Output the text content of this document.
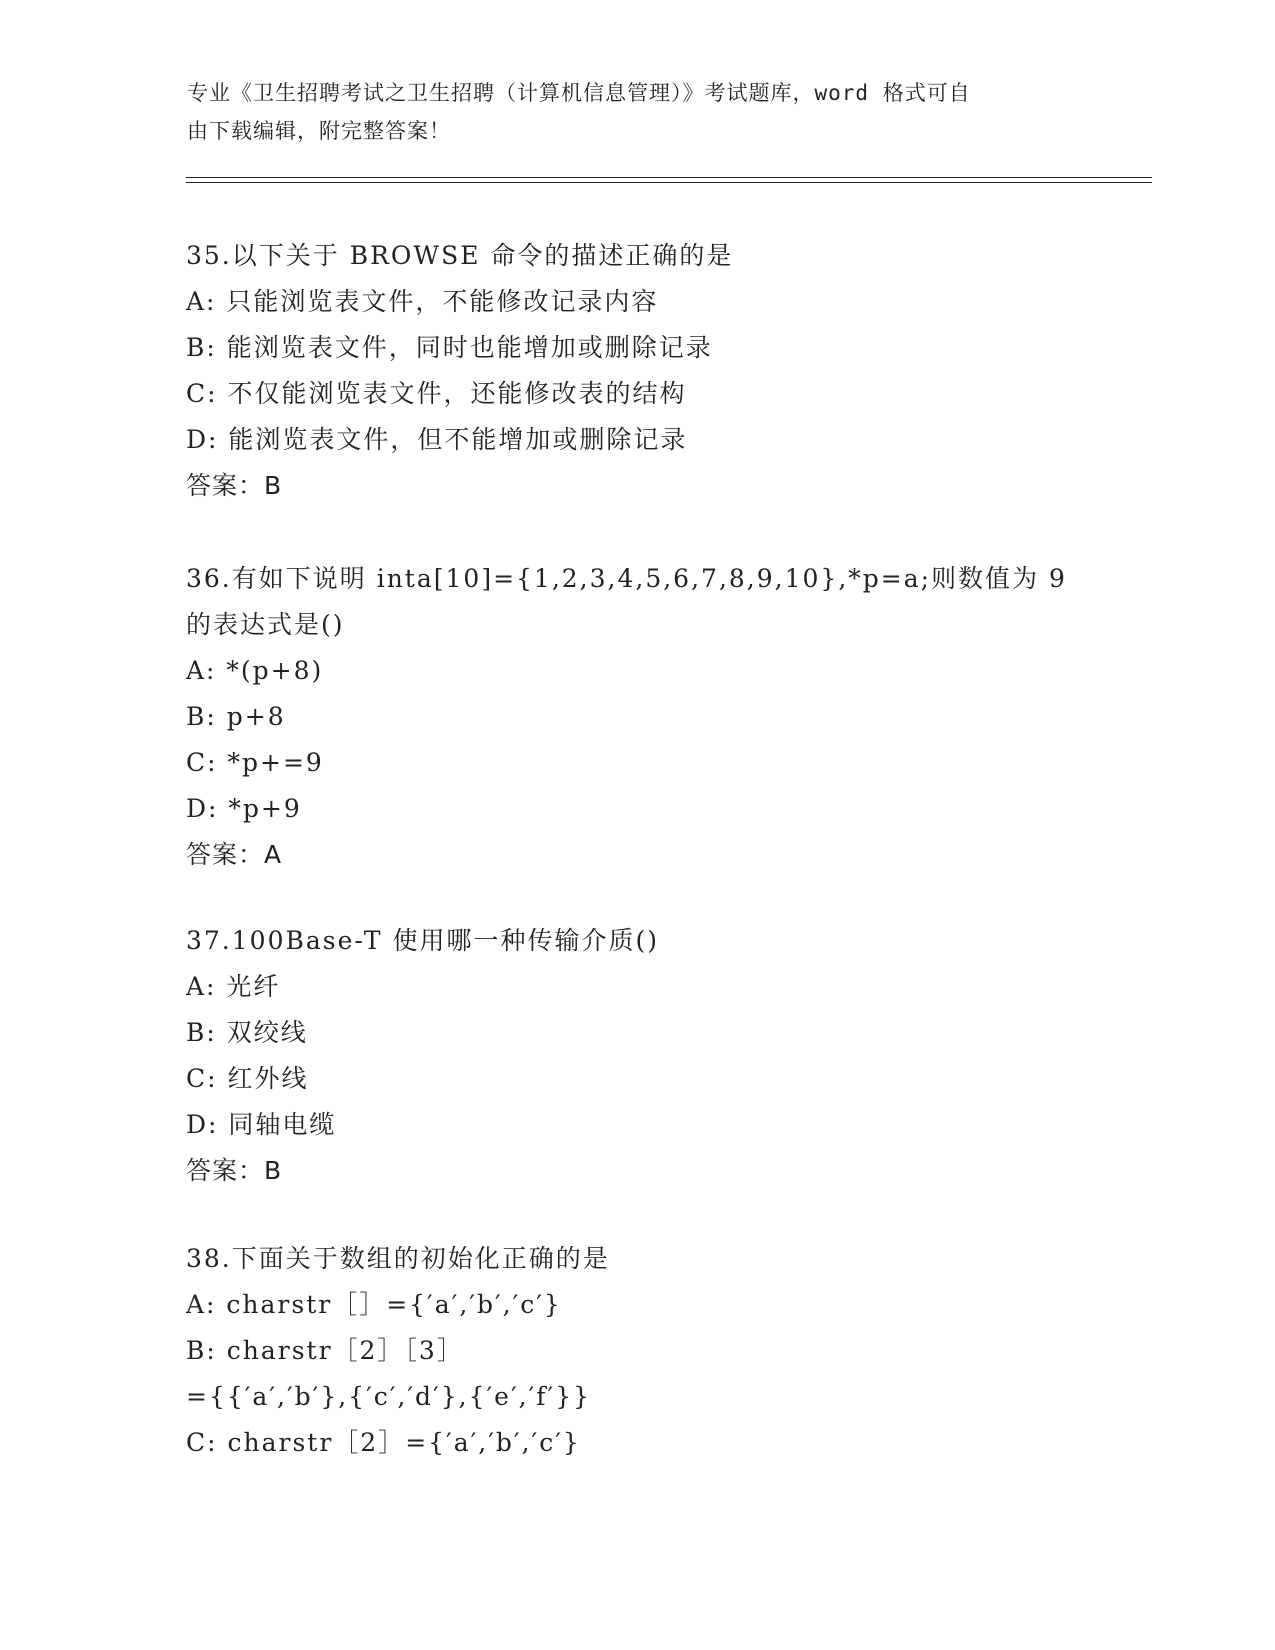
专业《卫生招聘考试之卫生招聘（计算机信息管理）》考试题库，word 格式可自
由下载编辑，附完整答案！
35.以下关于 BROWSE 命令的描述正确的是
A: 只能浏览表文件，不能修改记录内容
B: 能浏览表文件，同时也能增加或删除记录
C: 不仅能浏览表文件，还能修改表的结构
D: 能浏览表文件，但不能增加或删除记录
答案：B
36.有如下说明 inta[10]={1,2,3,4,5,6,7,8,9,10},*p=a;则数值为 9
的表达式是()
A: *(p+8)
B: p+8
C: *p+=9
D: *p+9
答案：A
37.100Base-T 使用哪一种传输介质()
A: 光纤
B: 双绞线
C: 红外线
D: 同轴电缆
答案：B
38.下面关于数组的初始化正确的是
A: charstr［］={′a′,′b′,′c′}
B: charstr［2］［3］
={{′a′,′b′},{′c′,′d′},{′e′,′f′}}
C: charstr［2］={′a′,′b′,′c′}
